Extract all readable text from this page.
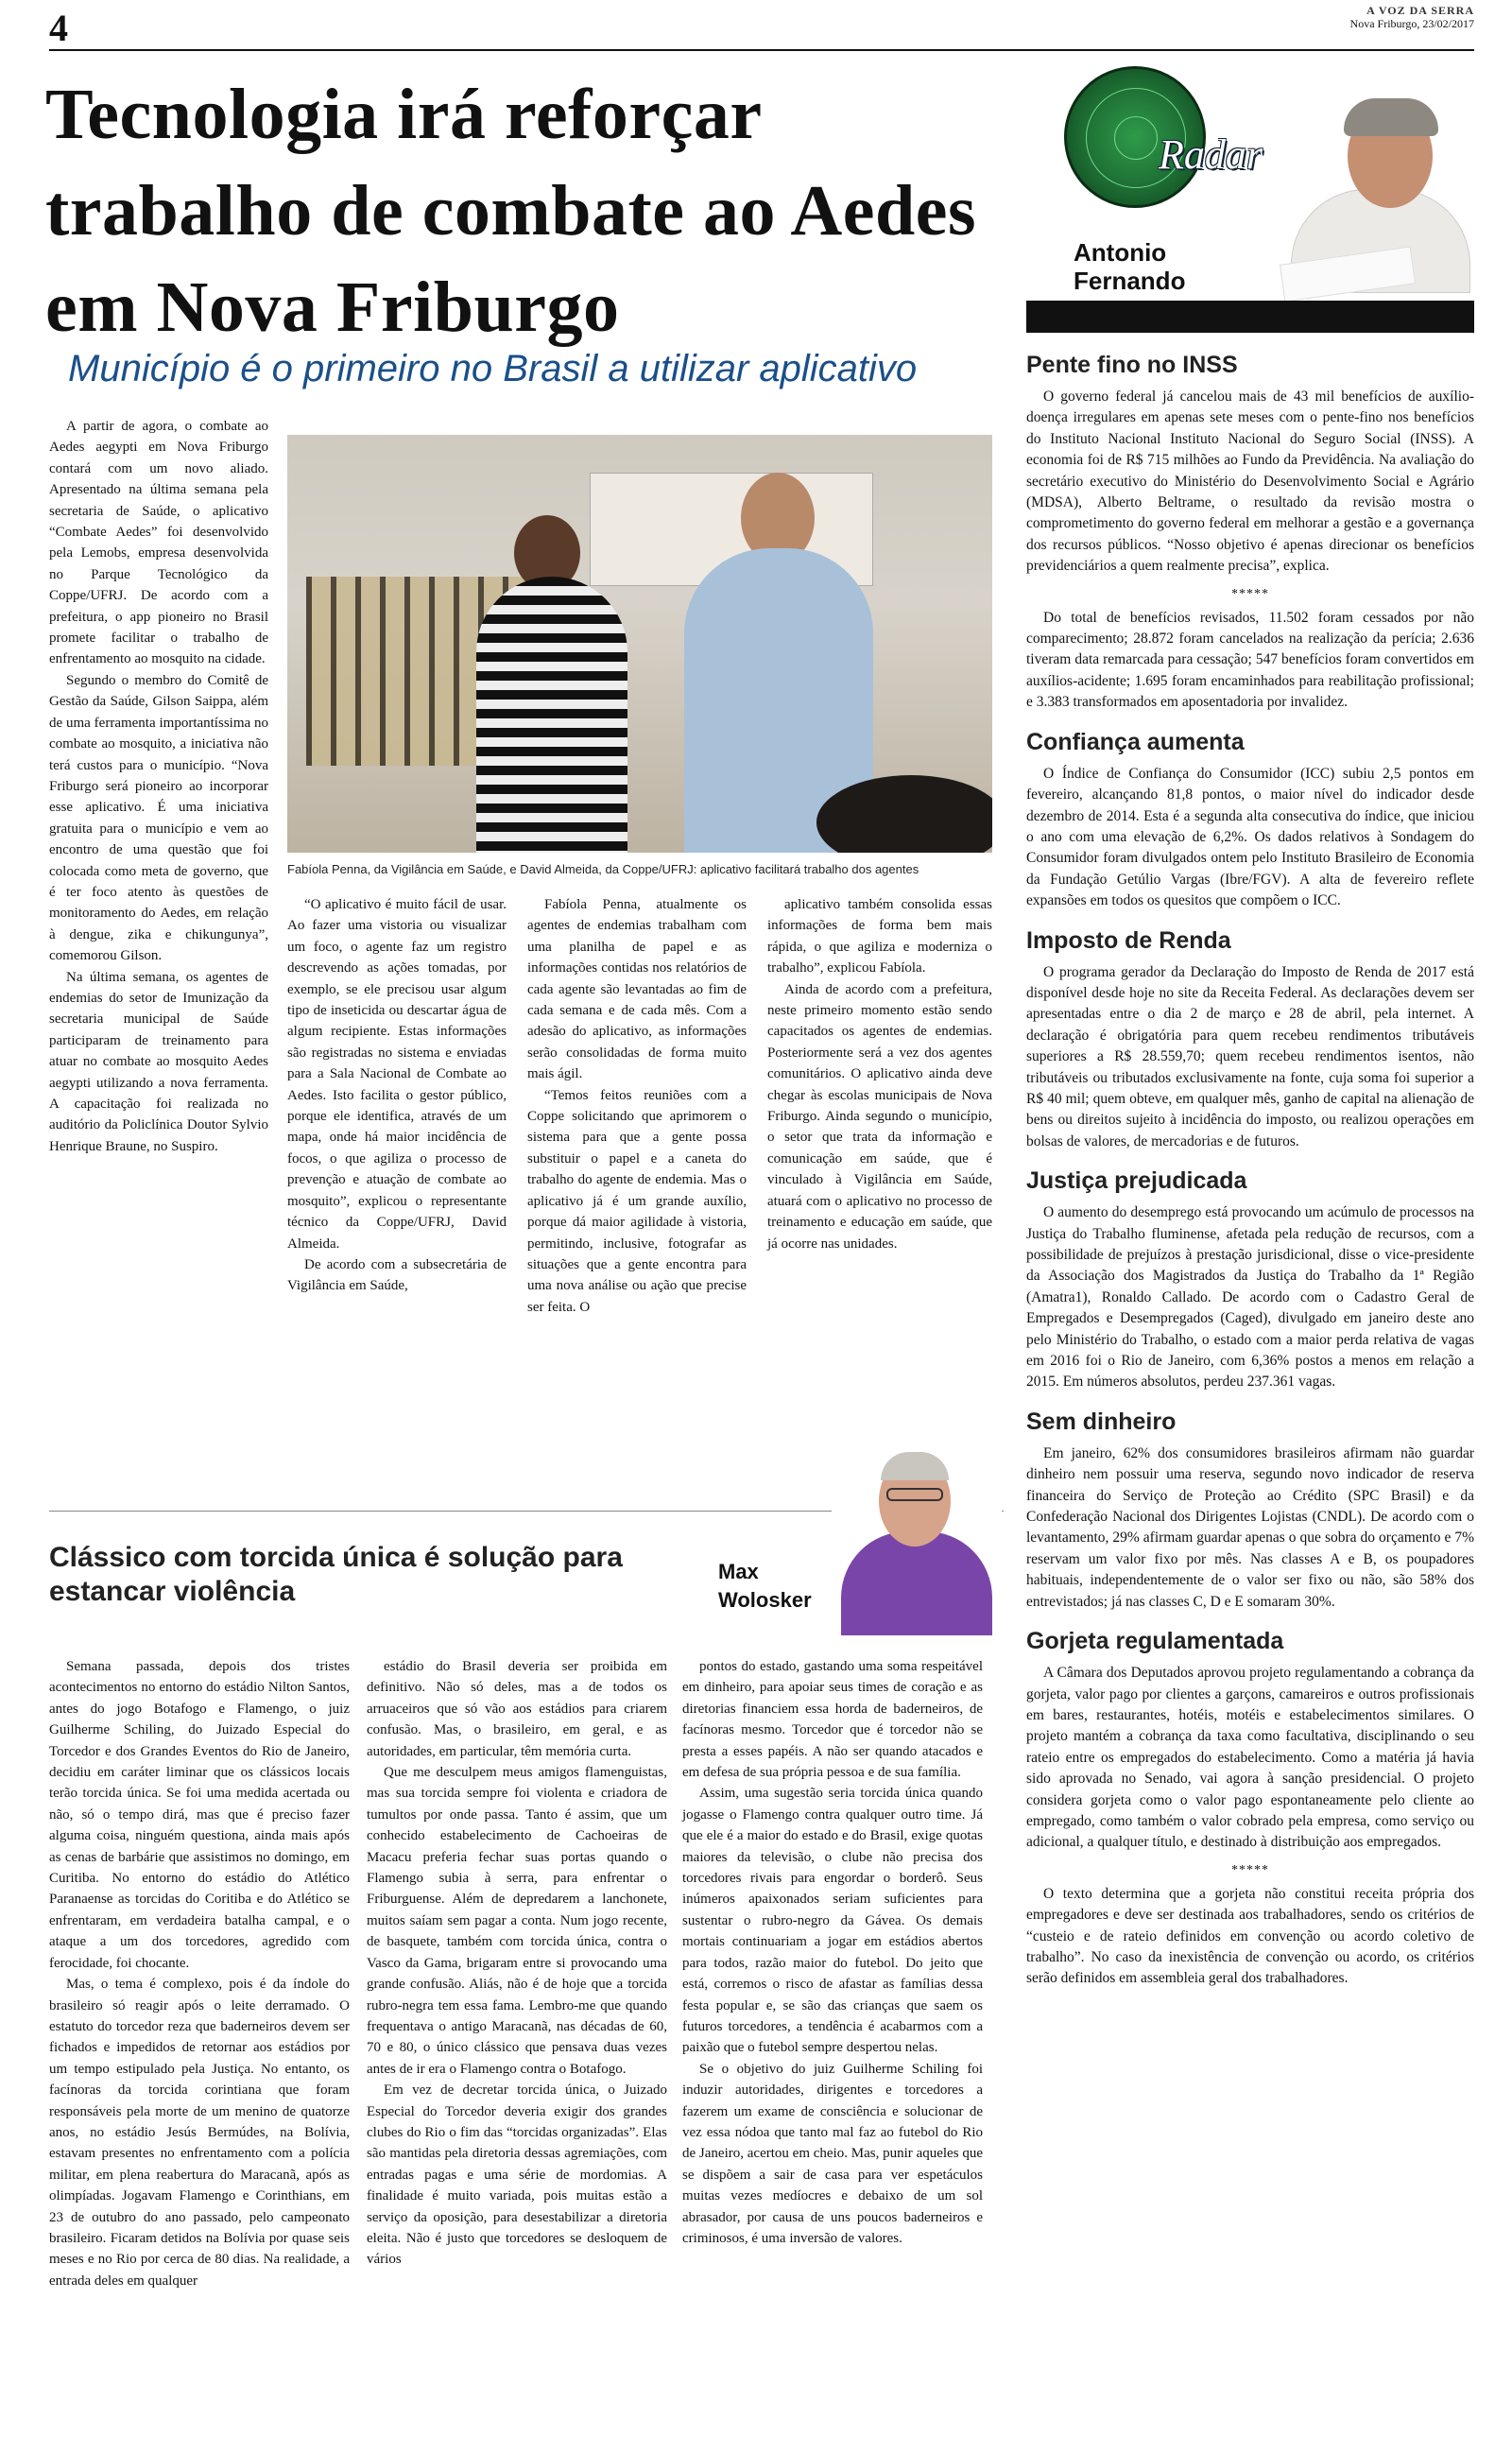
4	A VOZ DA SERRA
Nova Friburgo, 23/02/2017
Tecnologia irá reforçar trabalho de combate ao Aedes em Nova Friburgo
Município é o primeiro no Brasil a utilizar aplicativo

A partir de agora, o combate ao Aedes aegypti em Nova Friburgo contará com um novo aliado. Apresentado na última semana pela secretaria de Saúde, o aplicativo “Combate Aedes” foi desenvolvido pela Lemobs, empresa desenvolvida no Parque Tecnológico da Coppe/UFRJ. De acordo com a prefeitura, o app pioneiro no Brasil promete facilitar o trabalho de enfrentamento ao mosquito na cidade.

Segundo o membro do Comitê de Gestão da Saúde, Gilson Saippa, além de uma ferramenta importantíssima no combate ao mosquito, a iniciativa não terá custos para o município. “Nova Friburgo será pioneiro ao incorporar esse aplicativo. É uma iniciativa gratuita para o município e vem ao encontro de uma questão que foi colocada como meta de governo, que é ter foco atento às questões de monitoramento do Aedes, em relação à dengue, zika e chikungunya”, comemorou Gilson.

Na última semana, os agentes de endemias do setor de Imunização da secretaria municipal de Saúde participaram de treinamento para atuar no combate ao mosquito Aedes aegypti utilizando a nova ferramenta. A capacitação foi realizada no auditório da Policlínica Doutor Sylvio Henrique Braune, no Suspiro.

Fabíola Penna, da Vigilância em Saúde, e David Almeida, da Coppe/UFRJ: aplicativo facilitará trabalho dos agentes

“O aplicativo é muito fácil de usar. Ao fazer uma vistoria ou visualizar um foco, o agente faz um registro descrevendo as ações tomadas, por exemplo, se ele precisou usar algum tipo de inseticida ou descartar água de algum recipiente. Estas informações são registradas no sistema e enviadas para a Sala Nacional de Combate ao Aedes. Isto facilita o gestor público, porque ele identifica, através de um mapa, onde há maior incidência de focos, o que agiliza o processo de prevenção e atuação de combate ao mosquito”, explicou o representante técnico da Coppe/UFRJ, David Almeida.

De acordo com a subsecretária de Vigilância em Saúde,

Fabíola Penna, atualmente os agentes de endemias trabalham com uma planilha de papel e as informações contidas nos relatórios de cada agente são levantadas ao fim de cada semana e de cada mês. Com a adesão do aplicativo, as informações serão consolidadas de forma muito mais ágil.

“Temos feitos reuniões com a Coppe solicitando que aprimorem o sistema para que a gente possa substituir o papel e a caneta do trabalho do agente de endemia. Mas o aplicativo já é um grande auxílio, porque dá maior agilidade à vistoria, permitindo, inclusive, fotografar as situações que a gente encontra para uma nova análise ou ação que precise ser feita. O

aplicativo também consolida essas informações de forma bem mais rápida, o que agiliza e moderniza o trabalho”, explicou Fabíola.

Ainda de acordo com a prefeitura, neste primeiro momento estão sendo capacitados os agentes de endemias. Posteriormente será a vez dos agentes comunitários. O aplicativo ainda deve chegar às escolas municipais de Nova Friburgo. Ainda segundo o município, o setor que trata da informação e comunicação em saúde, que é vinculado à Vigilância em Saúde, atuará com o aplicativo no processo de treinamento e educação em saúde, que já ocorre nas unidades.

Clássico com torcida única é solução para estancar violência
Max
Wolosker

Semana passada, depois dos tristes acontecimentos no entorno do estádio Nilton Santos, antes do jogo Botafogo e Flamengo, o juiz Guilherme Schiling, do Juizado Especial do Torcedor e dos Grandes Eventos do Rio de Janeiro, decidiu em caráter liminar que os clássicos locais terão torcida única. Se foi uma medida acertada ou não, só o tempo dirá, mas que é preciso fazer alguma coisa, ninguém questiona, ainda mais após as cenas de barbárie que assistimos no domingo, em Curitiba. No entorno do estádio do Atlético Paranaense as torcidas do Coritiba e do Atlético se enfrentaram, em verdadeira batalha campal, e o ataque a um dos torcedores, agredido com ferocidade, foi chocante.

Mas, o tema é complexo, pois é da índole do brasileiro só reagir após o leite derramado. O estatuto do torcedor reza que baderneiros devem ser fichados e impedidos de retornar aos estádios por um tempo estipulado pela Justiça. No entanto, os facínoras da torcida corintiana que foram responsáveis pela morte de um menino de quatorze anos, no estádio Jesús Bermúdes, na Bolívia, estavam presentes no enfrentamento com a polícia militar, em plena reabertura do Maracanã, após as olimpíadas. Jogavam Flamengo e Corinthians, em 23 de outubro do ano passado, pelo campeonato brasileiro. Ficaram detidos na Bolívia por quase seis meses e no Rio por cerca de 80 dias. Na realidade, a entrada deles em qualquer

estádio do Brasil deveria ser proibida em definitivo. Não só deles, mas a de todos os arruaceiros que só vão aos estádios para criarem confusão. Mas, o brasileiro, em geral, e as autoridades, em particular, têm memória curta.

Que me desculpem meus amigos flamenguistas, mas sua torcida sempre foi violenta e criadora de tumultos por onde passa. Tanto é assim, que um conhecido estabelecimento de Cachoeiras de Macacu preferia fechar suas portas quando o Flamengo subia à serra, para enfrentar o Friburguense. Além de depredarem a lanchonete, muitos saíam sem pagar a conta. Num jogo recente, de basquete, também com torcida única, contra o Vasco da Gama, brigaram entre si provocando uma grande confusão. Aliás, não é de hoje que a torcida rubro-negra tem essa fama. Lembro-me que quando frequentava o antigo Maracanã, nas décadas de 60, 70 e 80, o único clássico que pensava duas vezes antes de ir era o Flamengo contra o Botafogo.

Em vez de decretar torcida única, o Juizado Especial do Torcedor deveria exigir dos grandes clubes do Rio o fim das “torcidas organizadas”. Elas são mantidas pela diretoria dessas agremiações, com entradas pagas e uma série de mordomias. A finalidade é muito variada, pois muitas estão a serviço da oposição, para desestabilizar a diretoria eleita. Não é justo que torcedores se desloquem de vários

pontos do estado, gastando uma soma respeitável em dinheiro, para apoiar seus times de coração e as diretorias financiem essa horda de baderneiros, de facínoras mesmo. Torcedor que é torcedor não se presta a esses papéis. A não ser quando atacados e em defesa de sua própria pessoa e de sua família.

Assim, uma sugestão seria torcida única quando jogasse o Flamengo contra qualquer outro time. Já que ele é a maior do estado e do Brasil, exige quotas maiores da televisão, o clube não precisa dos torcedores rivais para engordar o borderô. Seus inúmeros apaixonados seriam suficientes para sustentar o rubro-negro da Gávea. Os demais mortais continuariam a jogar em estádios abertos para todos, razão maior do futebol. Do jeito que está, corremos o risco de afastar as famílias dessa festa popular e, se são das crianças que saem os futuros torcedores, a tendência é acabarmos com a paixão que o futebol sempre despertou nelas.

Se o objetivo do juiz Guilherme Schiling foi induzir autoridades, dirigentes e torcedores a fazerem um exame de consciência e solucionar de vez essa nódoa que tanto mal faz ao futebol do Rio de Janeiro, acertou em cheio. Mas, punir aqueles que se dispõem a sair de casa para ver espetáculos muitas vezes medíocres e debaixo de um sol abrasador, por causa de uns poucos baderneiros e criminosos, é uma inversão de valores.

Radar
Antonio
Fernando
Pente fino no INSS

O governo federal já cancelou mais de 43 mil benefícios de auxílio-doença irregulares em apenas sete meses com o pente-fino nos benefícios do Instituto Nacional Instituto Nacional do Seguro Social (INSS). A economia foi de R$ 715 milhões ao Fundo da Previdência. Na avaliação do secretário executivo do Ministério do Desenvolvimento Social e Agrário (MDSA), Alberto Beltrame, o resultado da revisão mostra o comprometimento do governo federal em melhorar a gestão e a governança dos recursos públicos. “Nosso objetivo é apenas direcionar os benefícios previdenciários a quem realmente precisa”, explica.

*****

Do total de benefícios revisados, 11.502 foram cessados por não comparecimento; 28.872 foram cancelados na realização da perícia; 2.636 tiveram data remarcada para cessação; 547 benefícios foram convertidos em auxílios-acidente; 1.695 foram encaminhados para reabilitação profissional; e 3.383 transformados em aposentadoria por invalidez.

Confiança aumenta

O Índice de Confiança do Consumidor (ICC) subiu 2,5 pontos em fevereiro, alcançando 81,8 pontos, o maior nível do indicador desde dezembro de 2014. Esta é a segunda alta consecutiva do índice, que iniciou o ano com uma elevação de 6,2%. Os dados relativos à Sondagem do Consumidor foram divulgados ontem pelo Instituto Brasileiro de Economia da Fundação Getúlio Vargas (Ibre/FGV). A alta de fevereiro reflete expansões em todos os quesitos que compõem o ICC.

Imposto de Renda

O programa gerador da Declaração do Imposto de Renda de 2017 está disponível desde hoje no site da Receita Federal. As declarações devem ser apresentadas entre o dia 2 de março e 28 de abril, pela internet. A declaração é obrigatória para quem recebeu rendimentos tributáveis superiores a R$ 28.559,70; quem recebeu rendimentos isentos, não tributáveis ou tributados exclusivamente na fonte, cuja soma foi superior a R$ 40 mil; quem obteve, em qualquer mês, ganho de capital na alienação de bens ou direitos sujeito à incidência do imposto, ou realizou operações em bolsas de valores, de mercadorias e de futuros.

Justiça prejudicada

O aumento do desemprego está provocando um acúmulo de processos na Justiça do Trabalho fluminense, afetada pela redução de recursos, com a possibilidade de prejuízos à prestação jurisdicional, disse o vice-presidente da Associação dos Magistrados da Justiça do Trabalho da 1ª Região (Amatra1), Ronaldo Callado. De acordo com o Cadastro Geral de Empregados e Desempregados (Caged), divulgado em janeiro deste ano pelo Ministério do Trabalho, o estado com a maior perda relativa de vagas em 2016 foi o Rio de Janeiro, com 6,36% postos a menos em relação a 2015. Em números absolutos, perdeu 237.361 vagas.

Sem dinheiro

Em janeiro, 62% dos consumidores brasileiros afirmam não guardar dinheiro nem possuir uma reserva, segundo novo indicador de reserva financeira do Serviço de Proteção ao Crédito (SPC Brasil) e da Confederação Nacional dos Dirigentes Lojistas (CNDL). De acordo com o levantamento, 29% afirmam guardar apenas o que sobra do orçamento e 7% reservam um valor fixo por mês. Nas classes A e B, os poupadores habituais, independentemente de o valor ser fixo ou não, são 58% dos entrevistados; já nas classes C, D e E somaram 30%.

Gorjeta regulamentada

A Câmara dos Deputados aprovou projeto regulamentando a cobrança da gorjeta, valor pago por clientes a garçons, camareiros e outros profissionais em bares, restaurantes, hotéis, motéis e estabelecimentos similares. O projeto mantém a cobrança da taxa como facultativa, disciplinando o seu rateio entre os empregados do estabelecimento. Como a matéria já havia sido aprovada no Senado, vai agora à sanção presidencial. O projeto considera gorjeta como o valor pago espontaneamente pelo cliente ao empregado, como também o valor cobrado pela empresa, como serviço ou adicional, a qualquer título, e destinado à distribuição aos empregados.

*****

O texto determina que a gorjeta não constitui receita própria dos empregadores e deve ser destinada aos trabalhadores, sendo os critérios de “custeio e de rateio definidos em convenção ou acordo coletivo de trabalho”. No caso da inexistência de convenção ou acordo, os critérios serão definidos em assembleia geral dos trabalhadores.
